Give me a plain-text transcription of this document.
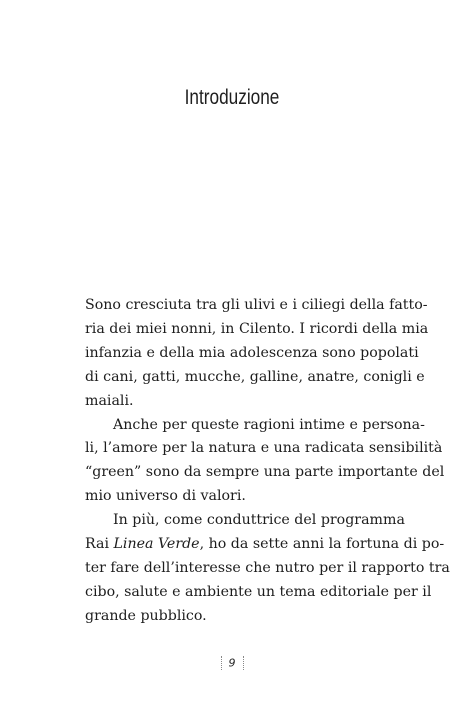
Introduzione

Sono cresciuta tra gli ulivi e i ciliegi della fatto-
ria dei miei nonni, in Cilento. I ricordi della mia
infanzia e della mia adolescenza sono popolati
di cani, gatti, mucche, galline, anatre, conigli e
maiali.

Anche per queste ragioni intime e persona-
li, l’amore per la natura e una radicata sensibilità
“green” sono da sempre una parte importante del
mio universo di valori.

In più, come conduttrice del programma
Rai Linea Verde, ho da sette anni la fortuna di po-
ter fare dell’interesse che nutro per il rapporto tra
cibo, salute e ambiente un tema editoriale per il
grande pubblico.

9
